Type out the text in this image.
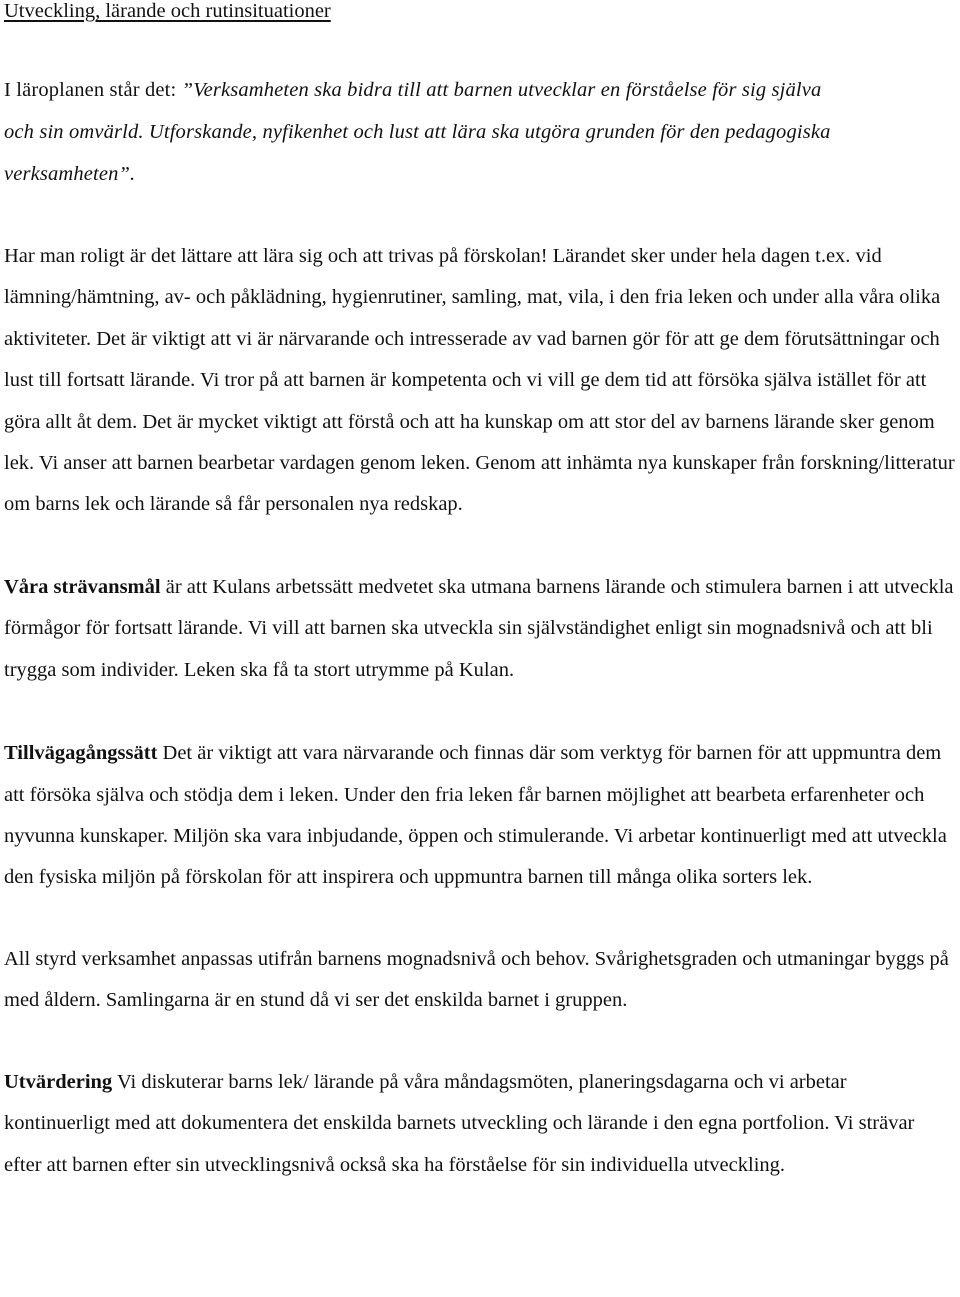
Utveckling, lärande och rutinsituationer

I läroplanen står det: ”Verksamheten ska bidra till att barnen utvecklar en förståelse för sig själva
och sin omvärld. Utforskande, nyfikenhet och lust att lära ska utgöra grunden för den pedagogiska
verksamheten”.

Har man roligt är det lättare att lära sig och att trivas på förskolan! Lärandet sker under hela dagen t.ex. vid lämning/hämtning, av- och påklädning, hygienrutiner, samling, mat, vila, i den fria leken och under alla våra olika aktiviteter. Det är viktigt att vi är närvarande och intresserade av vad barnen gör för att ge dem förutsättningar och lust till fortsatt lärande. Vi tror på att barnen är kompetenta och vi vill ge dem tid att försöka själva istället för att göra allt åt dem. Det är mycket viktigt att förstå och att ha kunskap om att stor del av barnens lärande sker genom lek. Vi anser att barnen bearbetar vardagen genom leken. Genom att inhämta nya kunskaper från forskning/litteratur om barns lek och lärande så får personalen nya redskap.

Våra strävansmål är att Kulans arbetssätt medvetet ska utmana barnens lärande och stimulera barnen i att utveckla förmågor för fortsatt lärande. Vi vill att barnen ska utveckla sin självständighet enligt sin mognadsnivå och att bli trygga som individer. Leken ska få ta stort utrymme på Kulan.

Tillvägagångssätt Det är viktigt att vara närvarande och finnas där som verktyg för barnen för att uppmuntra dem att försöka själva och stödja dem i leken. Under den fria leken får barnen möjlighet att bearbeta erfarenheter och nyvunna kunskaper. Miljön ska vara inbjudande, öppen och stimulerande. Vi arbetar kontinuerligt med att utveckla den fysiska miljön på förskolan för att inspirera och uppmuntra barnen till många olika sorters lek.

All styrd verksamhet anpassas utifrån barnens mognadsnivå och behov. Svårighetsgraden och utmaningar byggs på med åldern. Samlingarna är en stund då vi ser det enskilda barnet i gruppen.

Utvärdering Vi diskuterar barns lek/ lärande på våra måndagsmöten, planeringsdagarna och vi arbetar kontinuerligt med att dokumentera det enskilda barnets utveckling och lärande i den egna portfolion. Vi strävar efter att barnen efter sin utvecklingsnivå också ska ha förståelse för sin individuella utveckling.
